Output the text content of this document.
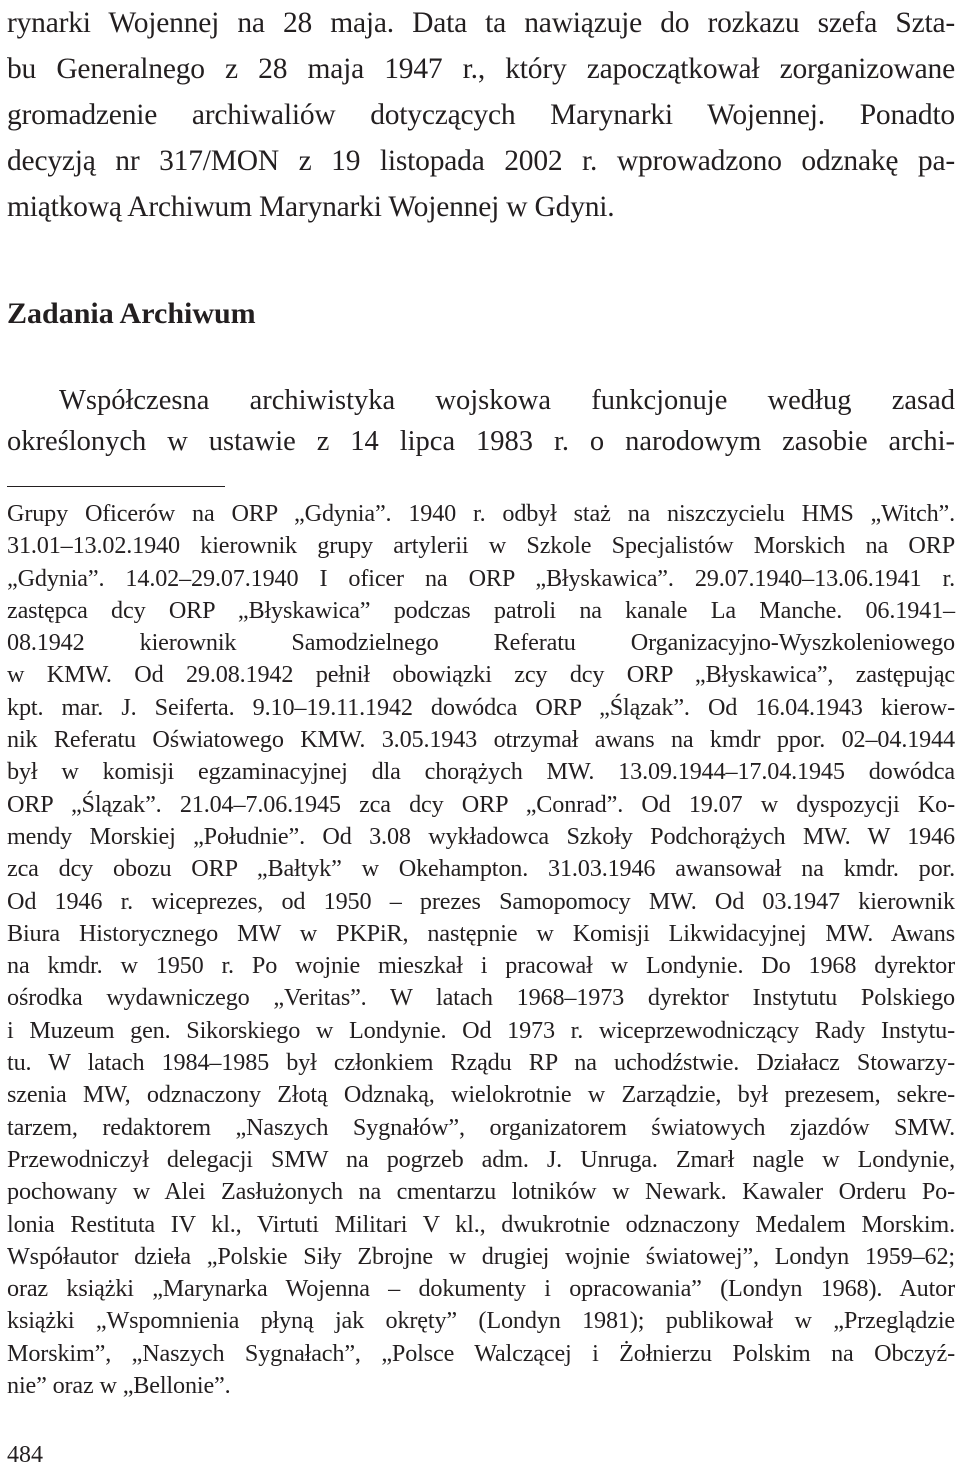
rynarki Wojennej na 28 maja. Data ta nawiązuje do rozkazu szefa Szta-
bu Generalnego z 28 maja 1947 r., który zapoczątkował zorganizowane
gromadzenie archiwaliów dotyczących Marynarki Wojennej. Ponadto
decyzją nr 317/MON z 19 listopada 2002 r. wprowadzono odznakę pa-
miątkową Archiwum Marynarki Wojennej w Gdyni.
Zadania Archiwum
Współczesna archiwistyka wojskowa funkcjonuje według zasad
określonych w ustawie z 14 lipca 1983 r. o narodowym zasobie archi-
Grupy Oficerów na ORP „Gdynia”. 1940 r. odbył staż na niszczycielu HMS „Witch”.
31.01–13.02.1940 kierownik grupy artylerii w Szkole Specjalistów Morskich na ORP
„Gdynia”. 14.02–29.07.1940 I oficer na ORP „Błyskawica”. 29.07.1940–13.06.1941 r.
zastępca dcy ORP „Błyskawica” podczas patroli na kanale La Manche. 06.1941–
08.1942 kierownik Samodzielnego Referatu Organizacyjno-Wyszkoleniowego
w KMW. Od 29.08.1942 pełnił obowiązki zcy dcy ORP „Błyskawica”, zastępując
kpt. mar. J. Seiferta. 9.10–19.11.1942 dowódca ORP „Ślązak”. Od 16.04.1943 kierow-
nik Referatu Oświatowego KMW. 3.05.1943 otrzymał awans na kmdr ppor. 02–04.1944
był w komisji egzaminacyjnej dla chorążych MW. 13.09.1944–17.04.1945 dowódca
ORP „Ślązak”. 21.04–7.06.1945 zca dcy ORP „Conrad”. Od 19.07 w dyspozycji Ko-
mendy Morskiej „Południe”. Od 3.08 wykładowca Szkoły Podchorążych MW. W 1946
zca dcy obozu ORP „Bałtyk” w Okehampton. 31.03.1946 awansował na kmdr. por.
Od 1946 r. wiceprezes, od 1950 – prezes Samopomocy MW. Od 03.1947 kierownik
Biura Historycznego MW w PKPiR, następnie w Komisji Likwidacyjnej MW. Awans
na kmdr. w 1950 r. Po wojnie mieszkał i pracował w Londynie. Do 1968 dyrektor
ośrodka wydawniczego „Veritas”. W latach 1968–1973 dyrektor Instytutu Polskiego
i Muzeum gen. Sikorskiego w Londynie. Od 1973 r. wiceprzewodniczący Rady Instytu-
tu. W latach 1984–1985 był członkiem Rządu RP na uchodźstwie. Działacz Stowarzy-
szenia MW, odznaczony Złotą Odznaką, wielokrotnie w Zarządzie, był prezesem, sekre-
tarzem, redaktorem „Naszych Sygnałów”, organizatorem światowych zjazdów SMW.
Przewodniczył delegacji SMW na pogrzeb adm. J. Unruga. Zmarł nagle w Londynie,
pochowany w Alei Zasłużonych na cmentarzu lotników w Newark. Kawaler Orderu Po-
lonia Restituta IV kl., Virtuti Militari V kl., dwukrotnie odznaczony Medalem Morskim.
Współautor dzieła „Polskie Siły Zbrojne w drugiej wojnie światowej”, Londyn 1959–62;
oraz książki „Marynarka Wojenna – dokumenty i opracowania” (Londyn 1968). Autor
książki „Wspomnienia płyną jak okręty” (Londyn 1981); publikował w „Przeglądzie
Morskim”, „Naszych Sygnałach”, „Polsce Walczącej i Żołnierzu Polskim na Obczyź-
nie” oraz w „Bellonie”.
484
